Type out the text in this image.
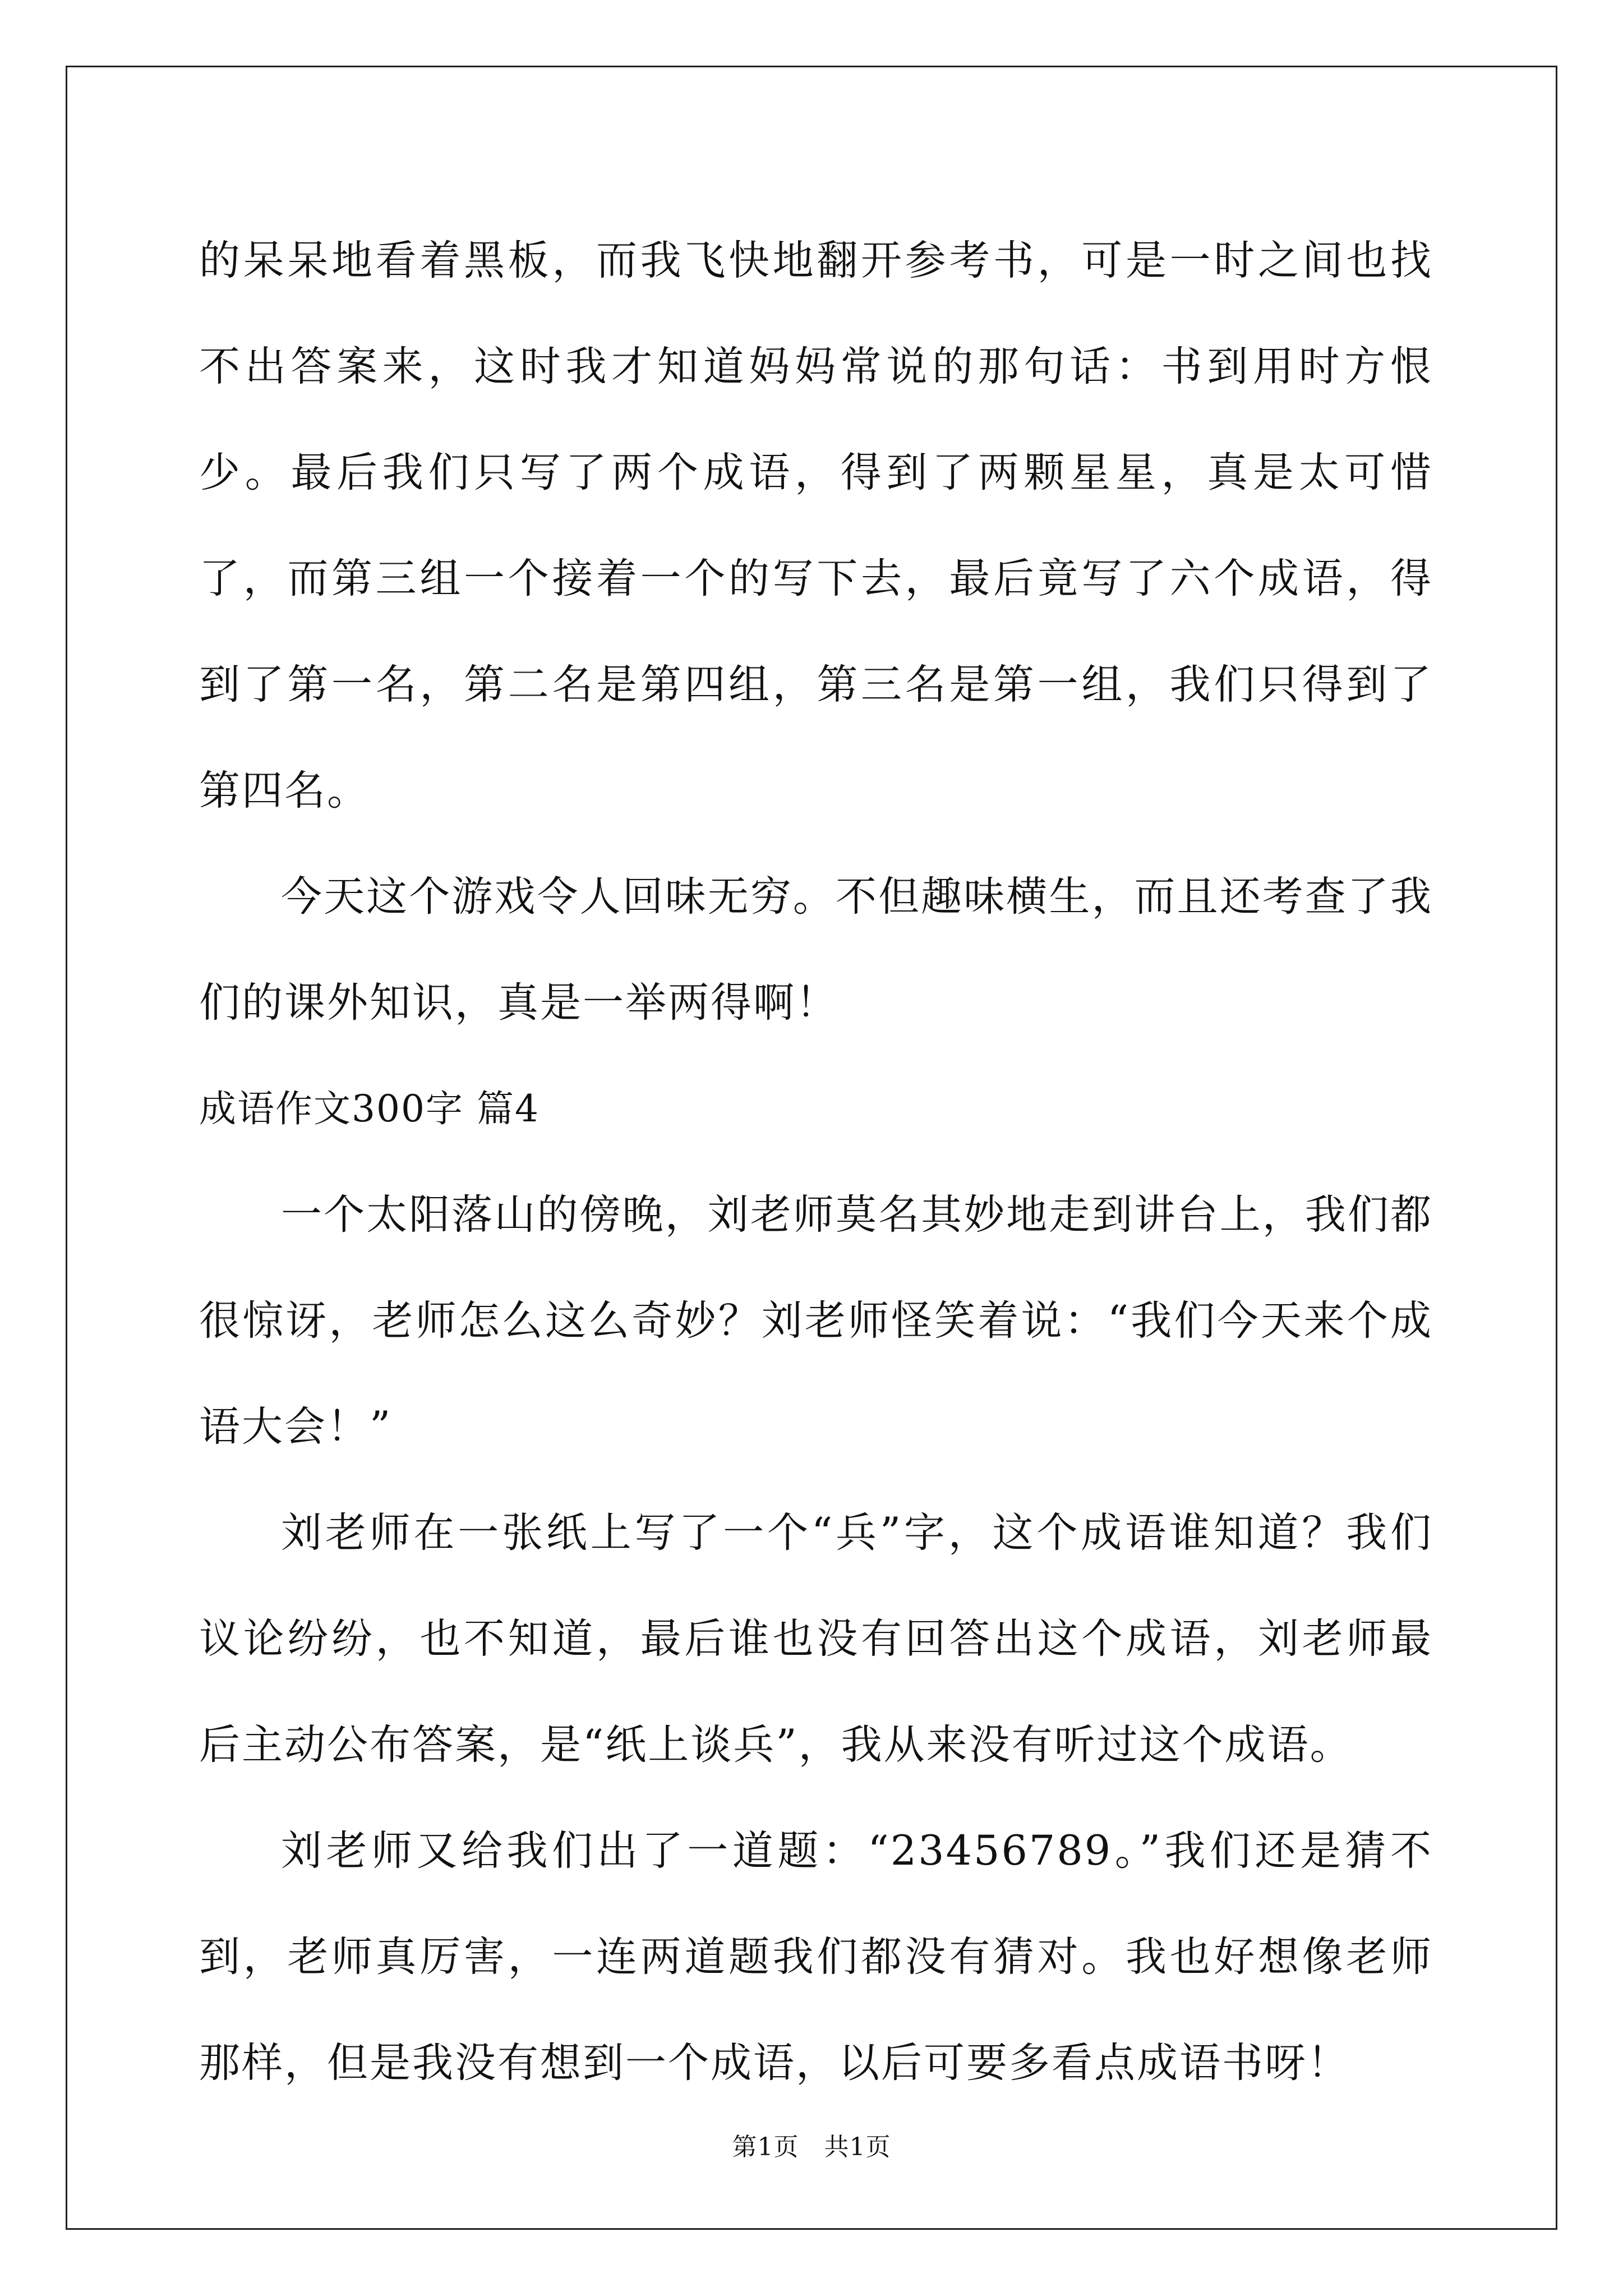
的呆呆地看着黑板，而我飞快地翻开参考书，可是一时之间也找不出答案来，这时我才知道妈妈常说的那句话：书到用时方恨少。最后我们只写了两个成语，得到了两颗星星，真是太可惜了，而第三组一个接着一个的写下去，最后竟写了六个成语，得到了第一名，第二名是第四组，第三名是第一组，我们只得到了第四名。

今天这个游戏令人回味无穷。不但趣味横生，而且还考查了我们的课外知识，真是一举两得啊！

成语作文300字 篇4

一个太阳落山的傍晚，刘老师莫名其妙地走到讲台上，我们都很惊讶，老师怎么这么奇妙？刘老师怪笑着说：“我们今天来个成语大会！”

刘老师在一张纸上写了一个“兵”字，这个成语谁知道？我们议论纷纷，也不知道，最后谁也没有回答出这个成语，刘老师最后主动公布答案，是“纸上谈兵”，我从来没有听过这个成语。

刘老师又给我们出了一道题：“23456789。”我们还是猜不到，老师真厉害，一连两道题我们都没有猜对。我也好想像老师那样，但是我没有想到一个成语，以后可要多看点成语书呀！

第1页　共1页
